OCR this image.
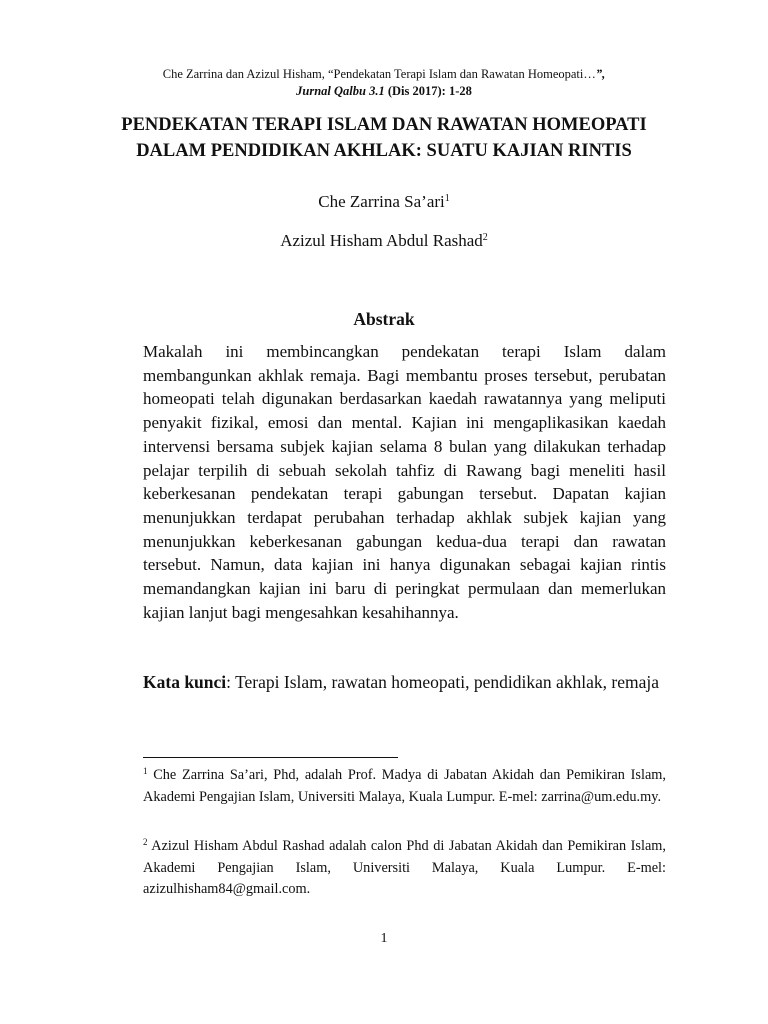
Che Zarrina dan Azizul Hisham, “Pendekatan Terapi Islam dan Rawatan Homeopati…”,
Jurnal Qalbu 3.1 (Dis 2017): 1-28
PENDEKATAN TERAPI ISLAM DAN RAWATAN HOMEOPATI DALAM PENDIDIKAN AKHLAK: SUATU KAJIAN RINTIS
Che Zarrina Sa’ari$^1$
Azizul Hisham Abdul Rashad$^2$
Abstrak

Makalah ini membincangkan pendekatan terapi Islam dalam membangunkan akhlak remaja. Bagi membantu proses tersebut, perubatan homeopati telah digunakan berdasarkan kaedah rawatannya yang meliputi penyakit fizikal, emosi dan mental. Kajian ini mengaplikasikan kaedah intervensi bersama subjek kajian selama 8 bulan yang dilakukan terhadap pelajar terpilih di sebuah sekolah tahfiz di Rawang bagi meneliti hasil keberkesanan pendekatan terapi gabungan tersebut. Dapatan kajian menunjukkan terdapat perubahan terhadap akhlak subjek kajian yang menunjukkan keberkesanan gabungan kedua-dua terapi dan rawatan tersebut. Namun, data kajian ini hanya digunakan sebagai kajian rintis memandangkan kajian ini baru di peringkat permulaan dan memerlukan kajian lanjut bagi mengesahkan kesahihannya.

Kata kunci: Terapi Islam, rawatan homeopati, pendidikan akhlak, remaja

$^1$ Che Zarrina Sa’ari, Phd, adalah Prof. Madya di Jabatan Akidah dan Pemikiran Islam, Akademi Pengajian Islam, Universiti Malaya, Kuala Lumpur. E-mel: zarrina@um.edu.my.

$^2$ Azizul Hisham Abdul Rashad adalah calon Phd di Jabatan Akidah dan Pemikiran Islam, Akademi Pengajian Islam, Universiti Malaya, Kuala Lumpur. E-mel: azizulhisham84@gmail.com.

1
